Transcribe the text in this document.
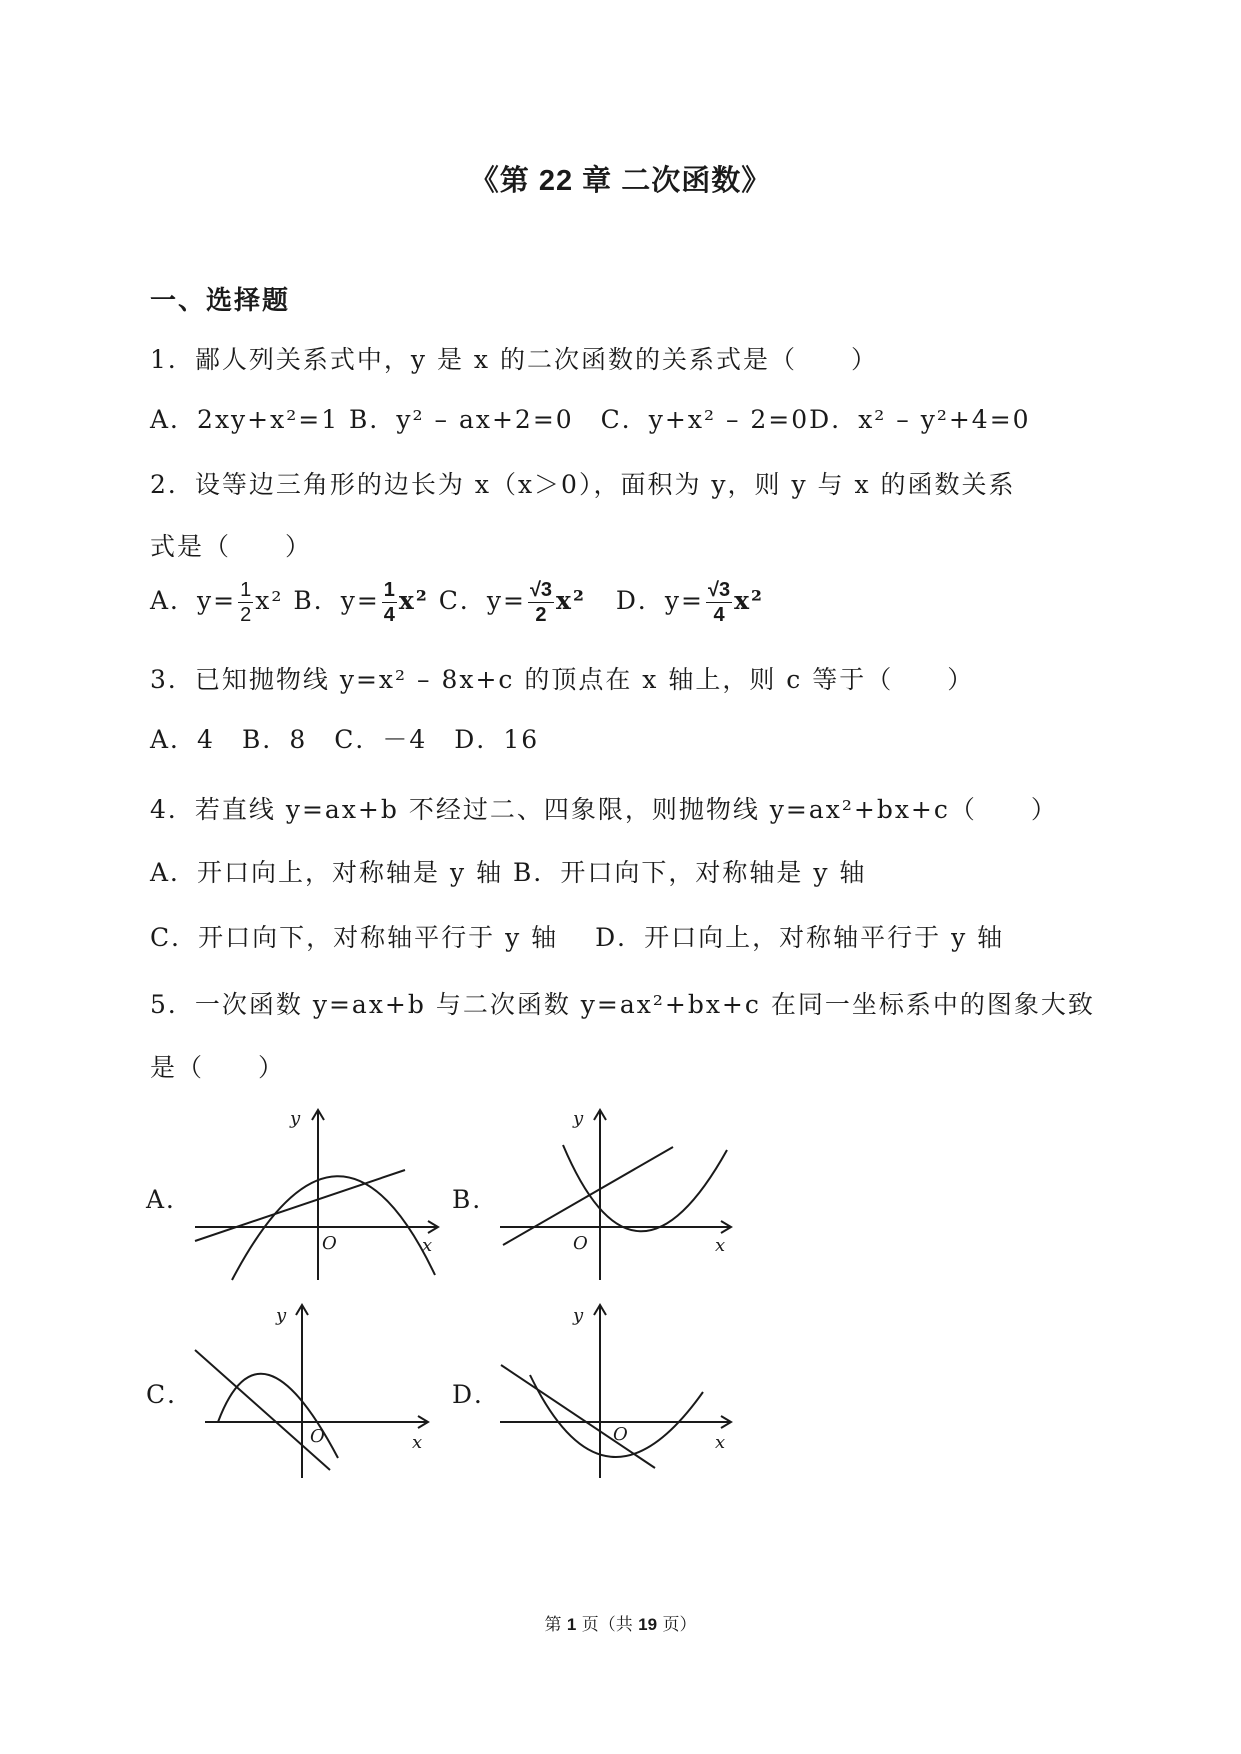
《第 22 章 二次函数》
一、选择题
1．鄙人列关系式中，y 是 x 的二次函数的关系式是（　　）
A．2xy+x²=1 B．y² – ax+2=0　C．y+x² – 2=0D．x² – y²+4=0
2．设等边三角形的边长为 x（x＞0），面积为 y，则 y 与 x 的函数关系
式是（　　）
A．$y= \frac{1}{2} x^2$ B．$y= \frac{1}{4} x^2$ C．$y= \frac{√3}{2} x^2$ D．$y= \frac{√3}{4} x^2$
3．已知抛物线 y=x² – 8x+c 的顶点在 x 轴上，则 c 等于（　　）
A．4　B．8　C．－4　D．16
4．若直线 y=ax+b 不经过二、四象限，则抛物线 y=ax²+bx+c（　　）
A．开口向上，对称轴是 y 轴 B．开口向下，对称轴是 y 轴
C．开口向下，对称轴平行于 y 轴　 D．开口向上，对称轴平行于 y 轴
5．一次函数 y=ax+b 与二次函数 y=ax²+bx+c 在同一坐标系中的图象大致
是（　　）
A．	B．
C．	D．
y
x
O
y
x
O
y
x
O
y
x
O
第 1 页（共 19 页）
